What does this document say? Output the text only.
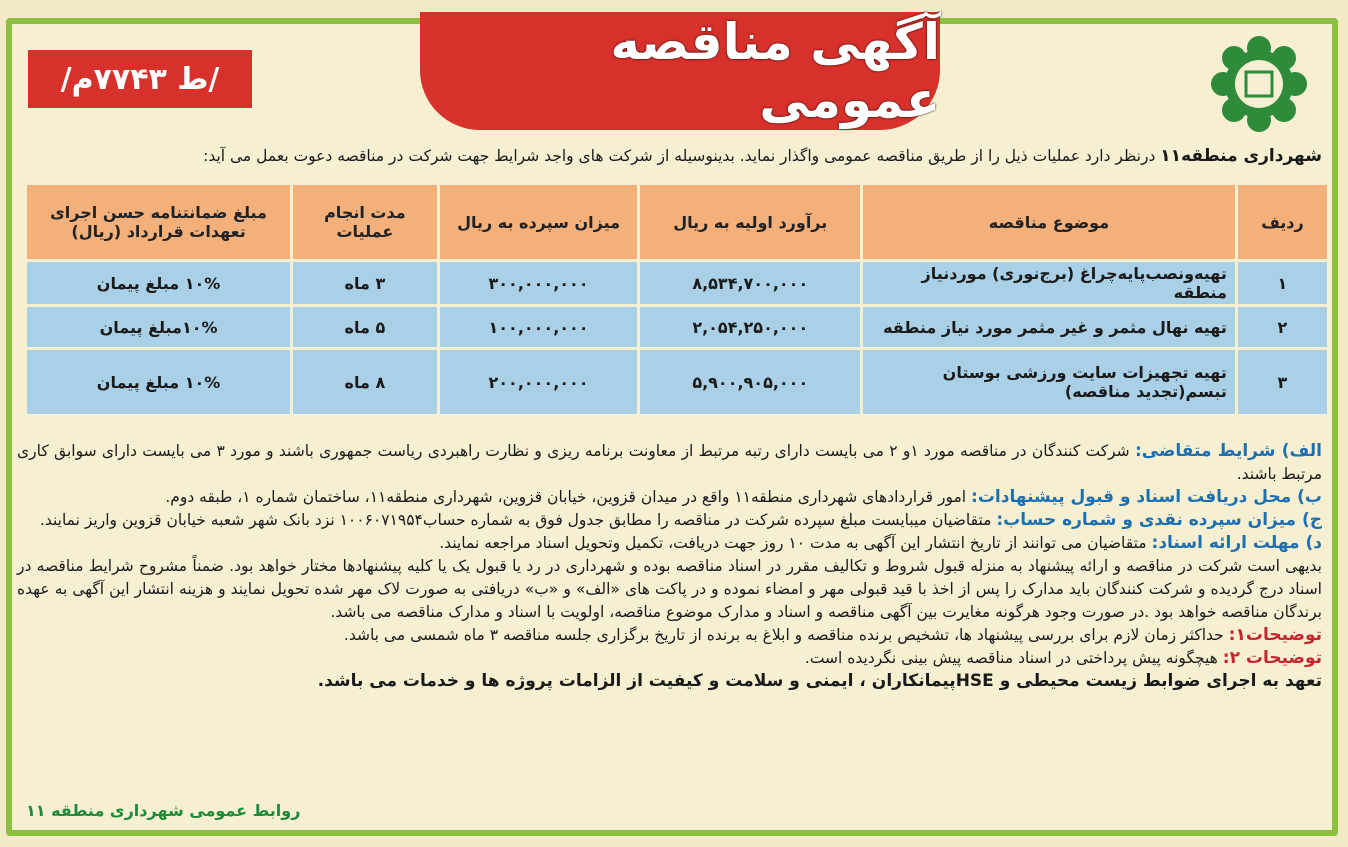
آگهی مناقصه عمومی
/ط ۷۷۴۳م/
شهرداری منطقه۱۱ درنظر دارد عملیات ذیل را از طریق مناقصه عمومی واگذار نماید. بدینوسیله از شرکت های واجد شرایط جهت شرکت در مناقصه دعوت بعمل می آید:
ردیف	موضوع مناقصه	برآورد اولیه به ریال	میزان سپرده به ریال	مدت انجام عملیات	مبلغ ضمانتنامه حسن اجرای تعهدات قرارداد (ریال)
۱	تهیه‌ونصب‌پایه‌چراغ (برج‌نوری) موردنیاز منطقه	۸,۵۳۴,۷۰۰,۰۰۰	۳۰۰,۰۰۰,۰۰۰	۳ ماه	۱۰% مبلغ پیمان
۲	تهیه نهال مثمر و غیر مثمر مورد نیاز منطقه	۲,۰۵۴,۲۵۰,۰۰۰	۱۰۰,۰۰۰,۰۰۰	۵ ماه	۱۰%مبلغ پیمان
۳	تهیه تجهیزات سایت ورزشی بوستان تبسم(تجدید مناقصه)	۵,۹۰۰,۹۰۵,۰۰۰	۲۰۰,۰۰۰,۰۰۰	۸ ماه	۱۰% مبلغ پیمان

الف) شرایط متقاضی: شرکت کنندگان در مناقصه مورد ۱و ۲ می بایست دارای رتبه مرتبط از معاونت برنامه ریزی و نظارت راهبردی ریاست جمهوری باشند و مورد ۳ می بایست دارای سوابق کاری مرتبط باشند.

ب) محل دریافت اسناد و قبول پیشنهادات: امور قراردادهای شهرداری منطقه۱۱ واقع در میدان قزوین، خیابان قزوین، شهرداری منطقه۱۱، ساختمان شماره ۱، طبقه دوم.

ج) میزان سپرده نقدی و شماره حساب: متقاضیان میبایست مبلغ سپرده شرکت در مناقصه را مطابق جدول فوق به شماره حساب۱۰۰۶۰۷۱۹۵۴ نزد بانک شهر شعبه خیابان قزوین واریز نمایند.

د) مهلت ارائه اسناد: متقاضیان می توانند از تاریخ انتشار این آگهی به مدت ۱۰ روز جهت دریافت، تکمیل وتحویل اسناد مراجعه نمایند.

بدیهی است شرکت در مناقصه و ارائه پیشنهاد به منزله قبول شروط و تکالیف مقرر در اسناد مناقصه بوده و شهرداری در رد یا قبول یک یا کلیه پیشنهادها مختار خواهد بود. ضمناً مشروح شرایط مناقصه در اسناد درج گردیده و شرکت کنندگان باید مدارک را پس از اخذ با قید قبولی مهر و امضاء نموده و در پاکت های «الف» و «ب» دریافتی به صورت لاک مهر شده تحویل نمایند و هزینه انتشار این آگهی به عهده برندگان مناقصه خواهد بود .در صورت وجود هرگونه مغایرت بین آگهی مناقصه و اسناد و مدارک موضوع مناقصه، اولویت با اسناد و مدارک مناقصه می باشد.

توضیحات۱: حداکثر زمان لازم برای بررسی پیشنهاد ها، تشخیص برنده مناقصه و ابلاغ به برنده از تاریخ برگزاری جلسه مناقصه ۳ ماه شمسی می باشد.

توضیحات ۲: هیچگونه پیش پرداختی در اسناد مناقصه پیش بینی نگردیده است.

تعهد به اجرای ضوابط زیست محیطی و HSEپیمانکاران ، ایمنی و سلامت و کیفیت از الزامات پروژه ها و خدمات می باشد.

روابط عمومی شهرداری منطقه ۱۱
